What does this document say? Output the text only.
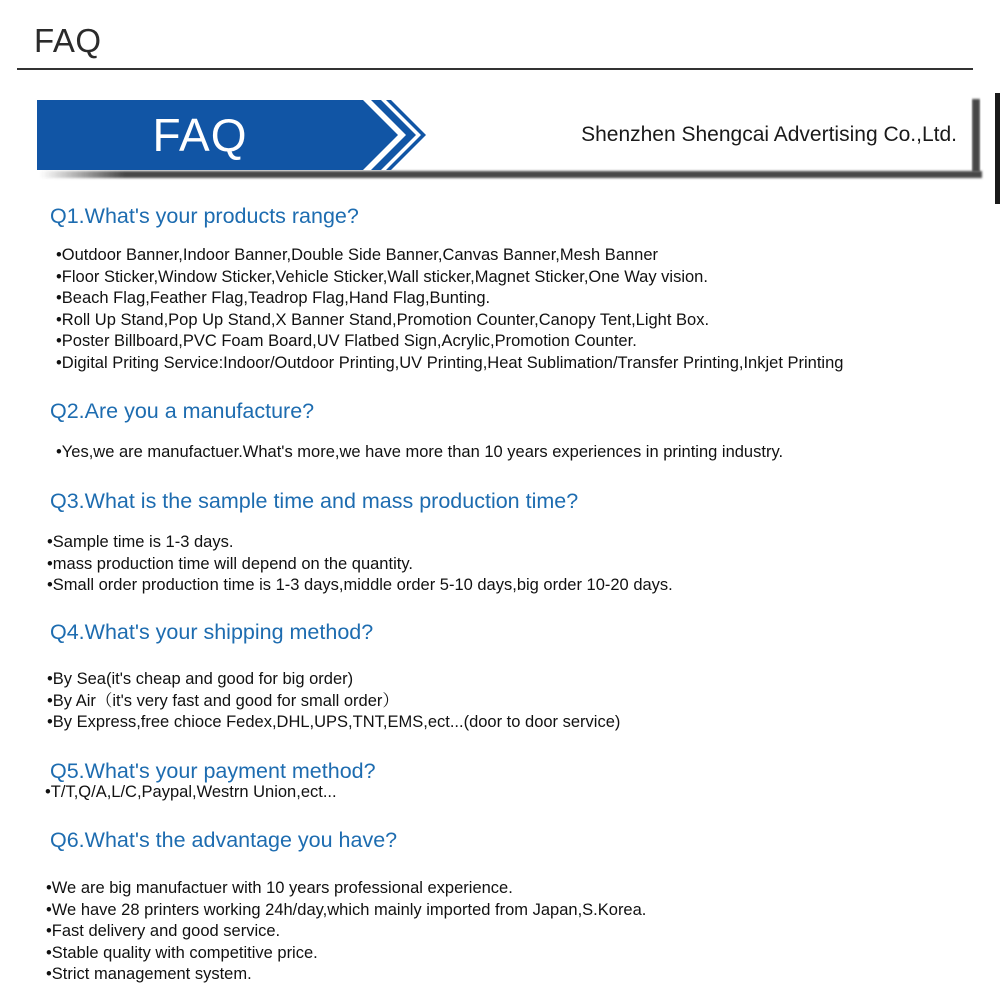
FAQ
FAQ	Shenzhen Shengcai Advertising Co.,Ltd.
Q1.What's your products range?
•Outdoor Banner,Indoor Banner,Double Side Banner,Canvas Banner,Mesh Banner
•Floor Sticker,Window Sticker,Vehicle Sticker,Wall sticker,Magnet Sticker,One Way vision.
•Beach Flag,Feather Flag,Teadrop Flag,Hand Flag,Bunting.
•Roll Up Stand,Pop Up Stand,X Banner Stand,Promotion Counter,Canopy Tent,Light Box.
•Poster Billboard,PVC Foam Board,UV Flatbed Sign,Acrylic,Promotion Counter.
•Digital Priting Service:Indoor/Outdoor Printing,UV Printing,Heat Sublimation/Transfer Printing,Inkjet Printing
Q2.Are you a manufacture?
•Yes,we are manufactuer.What's more,we have more than 10 years experiences in printing industry.
Q3.What is the sample time and mass production time?
•Sample time is 1-3 days.
•mass production time will depend on the quantity.
•Small order production time is 1-3 days,middle order 5-10 days,big order 10-20 days.
Q4.What's your shipping method?
•By Sea(it's cheap and good for big order)
•By Air（it's very fast and good for small order）
•By Express,free chioce Fedex,DHL,UPS,TNT,EMS,ect...(door to door service)
Q5.What's your payment method?
•T/T,Q/A,L/C,Paypal,Westrn Union,ect...
Q6.What's the advantage you have?
•We are big manufactuer with 10 years professional experience.
•We have 28 printers working 24h/day,which mainly imported from Japan,S.Korea.
•Fast delivery and good service.
•Stable quality with competitive price.
•Strict management system.
